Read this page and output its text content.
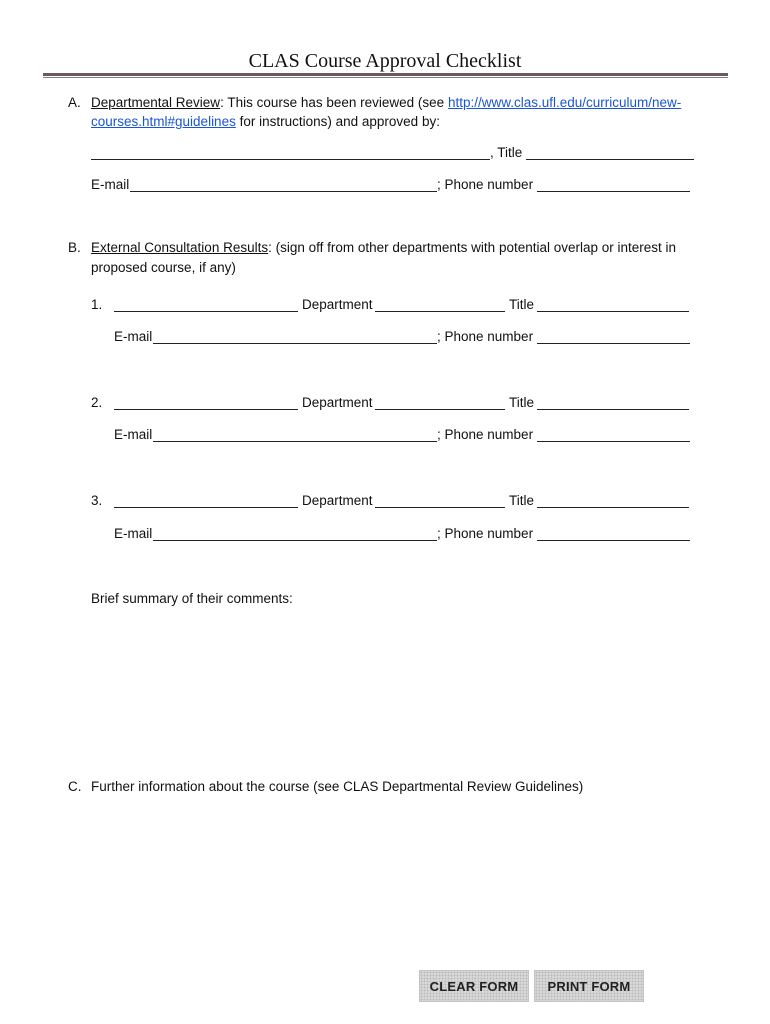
CLAS Course Approval Checklist
A. Departmental Review: This course has been reviewed (see http://www.clas.ufl.edu/curriculum/new-
courses.html#guidelines for instructions) and approved by:
, Title
E-mail	; Phone number
B. External Consultation Results: (sign off from other departments with potential overlap or interest in
proposed course, if any)
1.	Department	Title
E-mail	; Phone number
2.	Department	Title
E-mail	; Phone number
3.	Department	Title
E-mail	; Phone number
Brief summary of their comments:
C. Further information about the course (see CLAS Departmental Review Guidelines)
CLEAR FORM	PRINT FORM
